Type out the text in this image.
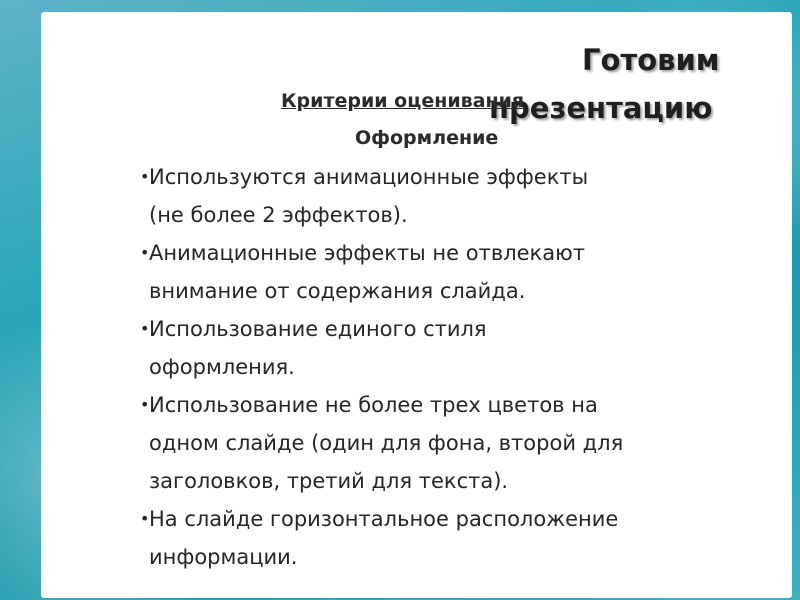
Готовим
презентацию
Критерии оценивания
Оформление
• Используются анимационные эффекты
(не более 2 эффектов).
• Анимационные эффекты не отвлекают
внимание от содержания слайда.
• Использование единого стиля
оформления.
• Использование не более трех цветов на
одном слайде (один для фона, второй для
заголовков, третий для текста).
• На слайде горизонтальное расположение
информации.
